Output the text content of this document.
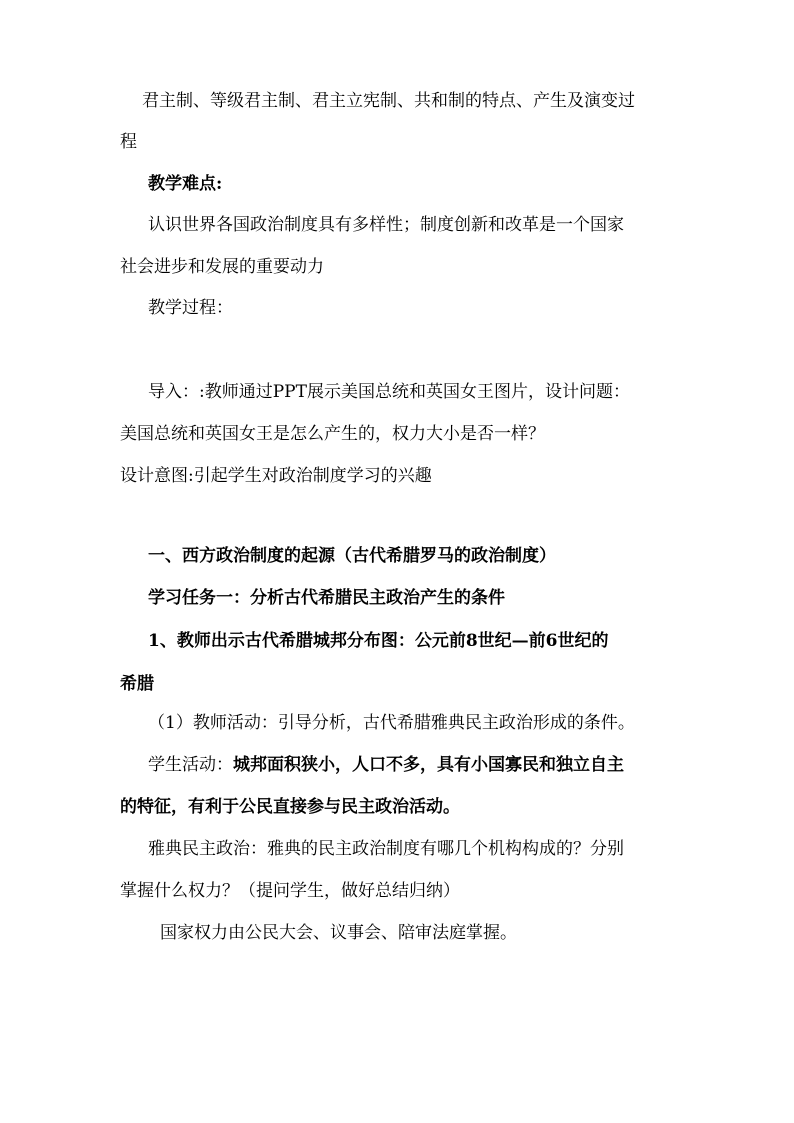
君主制、等级君主制、君主立宪制、共和制的特点、产生及演变过
程
教学难点:
认识世界各国政治制度具有多样性；制度创新和改革是一个国家
社会进步和发展的重要动力
教学过程：
导入：:教师通过PPT展示美国总统和英国女王图片，设计问题：
美国总统和英国女王是怎么产生的，权力大小是否一样？
设计意图:引起学生对政治制度学习的兴趣
一、西方政治制度的起源（古代希腊罗马的政治制度）
学习任务一：分析古代希腊民主政治产生的条件
1、教师出示古代希腊城邦分布图：公元前8世纪—前6世纪的
希腊
（1）教师活动：引导分析，古代希腊雅典民主政治形成的条件。
学生活动：城邦面积狭小，人口不多，具有小国寡民和独立自主
的特征，有利于公民直接参与民主政治活动。
雅典民主政治：雅典的民主政治制度有哪几个机构构成的？分别
掌握什么权力？（提问学生，做好总结归纳）
国家权力由公民大会、议事会、陪审法庭掌握。
